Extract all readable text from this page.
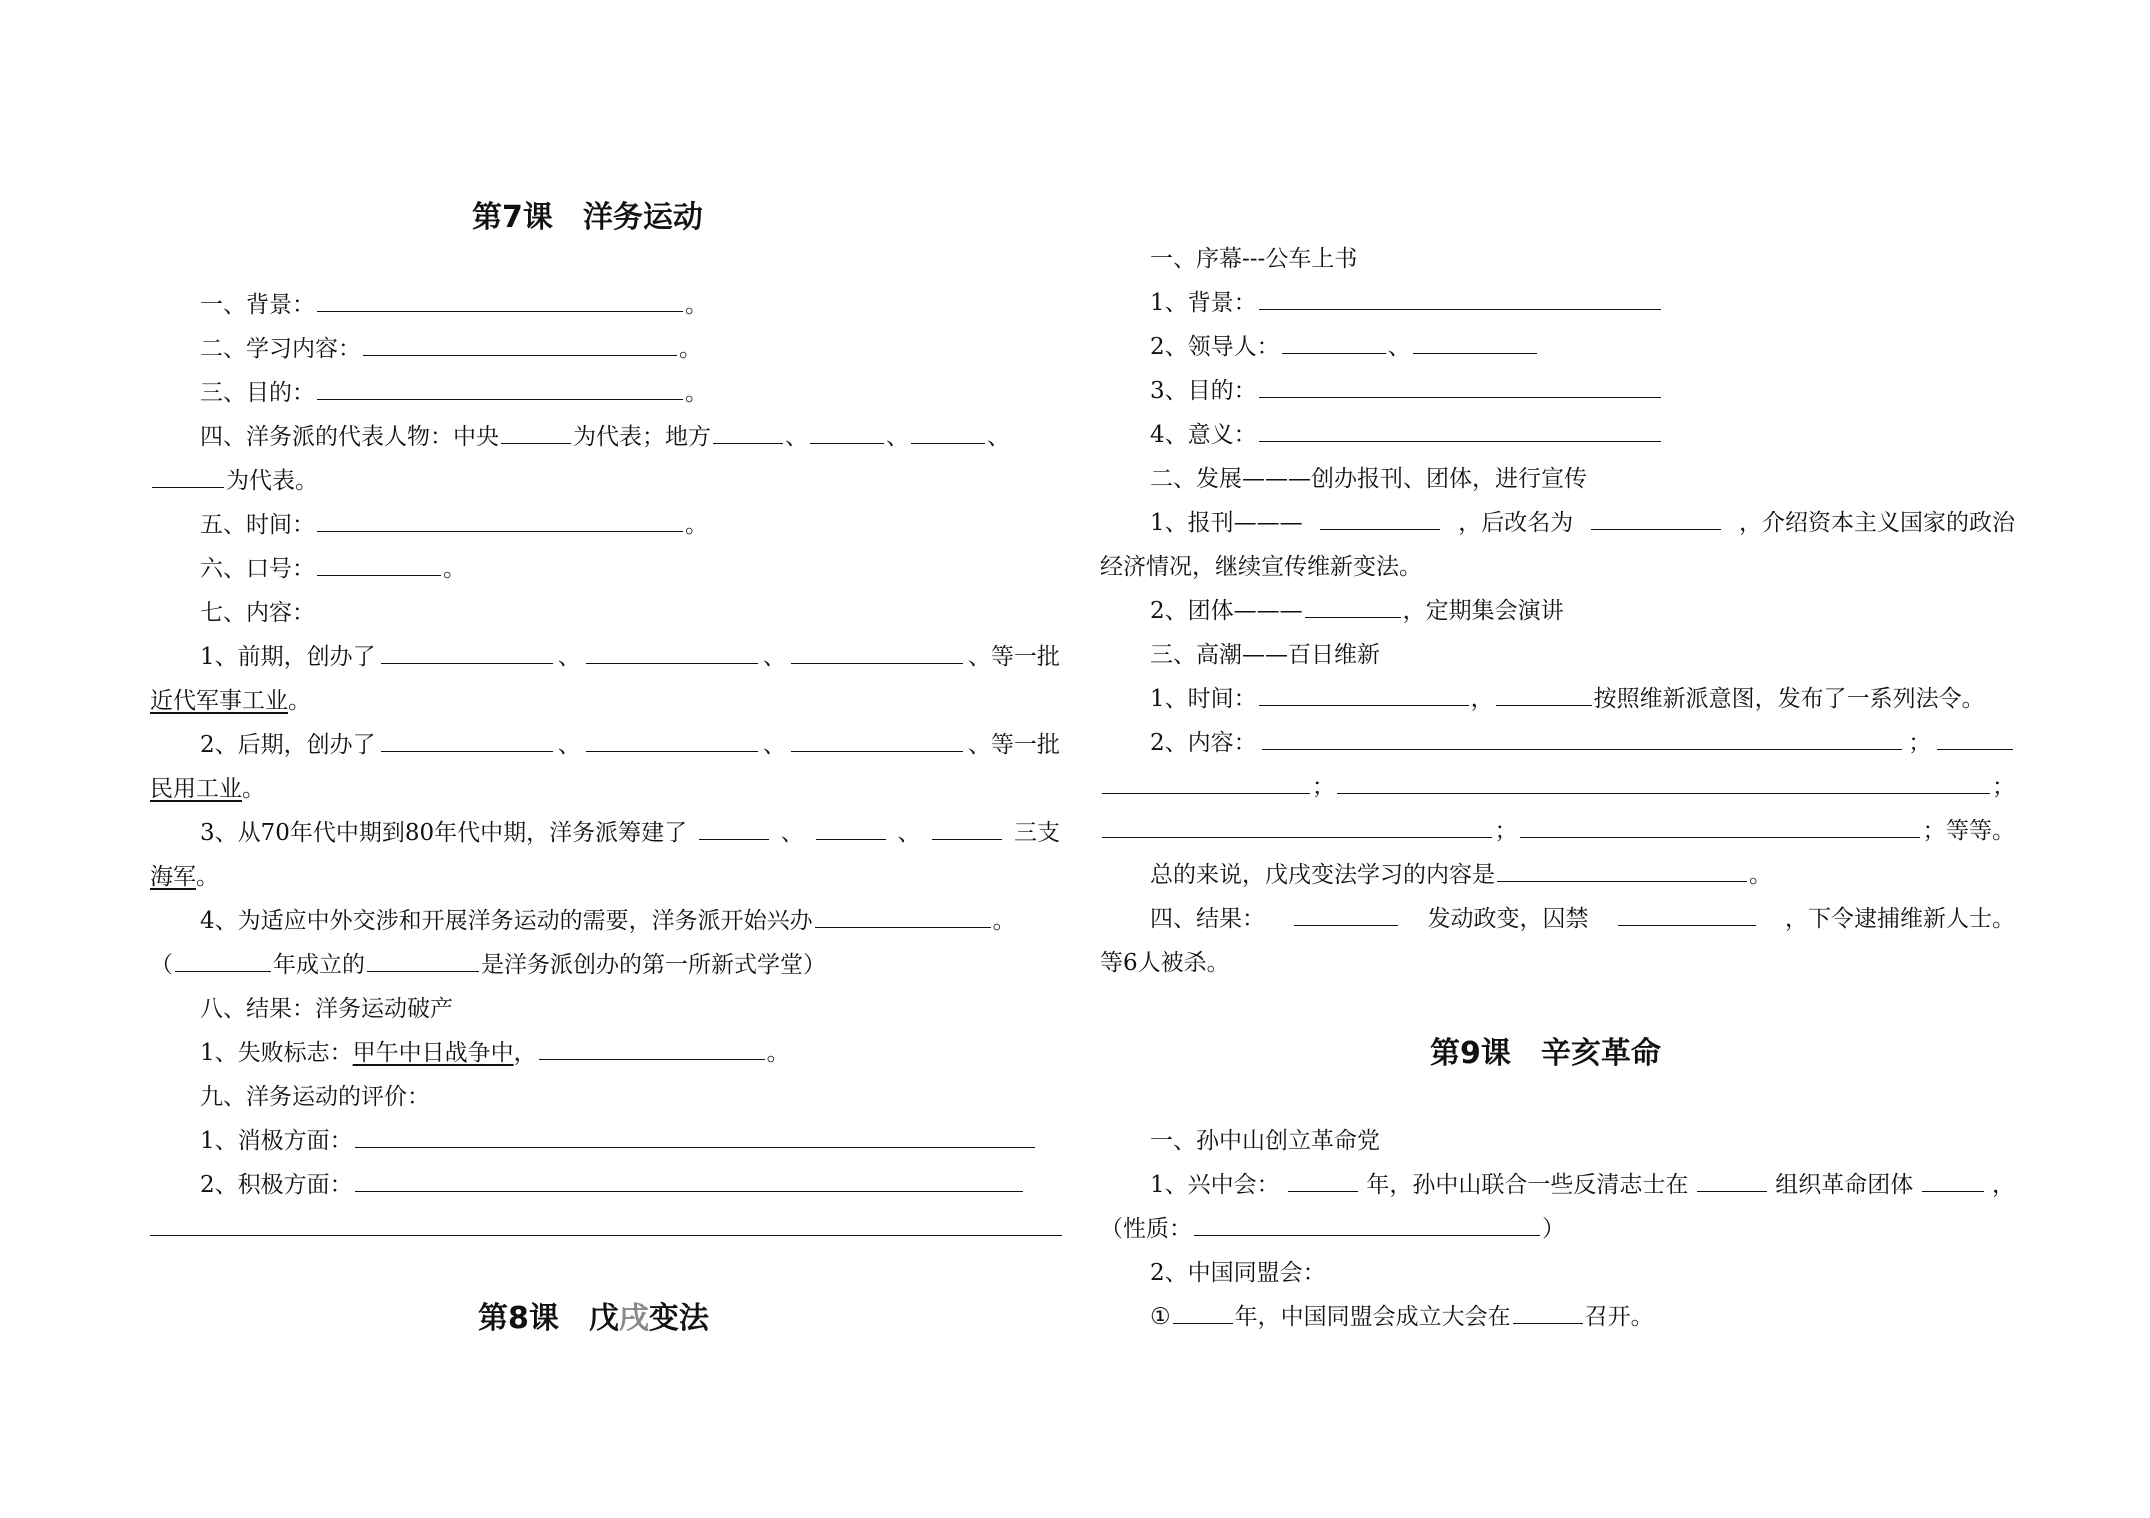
第7课　洋务运动
一、背景：	。
二、学习内容：	。
三、目的：	。
四、洋务派的代表人物：中央	为代表；地方	、	、	、
为代表。
五、时间：	。
六、口号：	。
七、内容：
1、前期，创办了	、	、	、等一批
近代军事工业。
2、后期，创办了	、	、	、等一批
民用工业。
3、从70年代中期到80年代中期，洋务派筹建了	、	、	三支
海军。
4、为适应中外交涉和开展洋务运动的需要，洋务派开始兴办	。
（	年成立的	是洋务派创办的第一所新式学堂）
八、结果：洋务运动破产
1、失败标志：甲午中日战争中，	。
九、洋务运动的评价：
1、消极方面：
2、积极方面：
第8课　戊戌变法
一、序幕---公车上书
1、背景：
2、领导人：	、
3、目的：
4、意义：
二、发展———创办报刊、团体，进行宣传
1、报刊———	，后改名为	，介绍资本主义国家的政治
经济情况，继续宣传维新变法。
2、团体———	，定期集会演讲
三、高潮——百日维新
1、时间：	，	按照维新派意图，发布了一系列法令。
2、内容：	；
；	；
；	； 等等。
总的来说，戊戌变法学习的内容是	。
四、结果：	发动政变，囚禁	，下令逮捕维新人士。
等6人被杀。
第9课　辛亥革命
一、孙中山创立革命党
1、兴中会：	年，孙中山联合一些反清志士在	组织革命团体	，
（性质：	）
2、中国同盟会：
①	年，中国同盟会成立大会在	召开。
